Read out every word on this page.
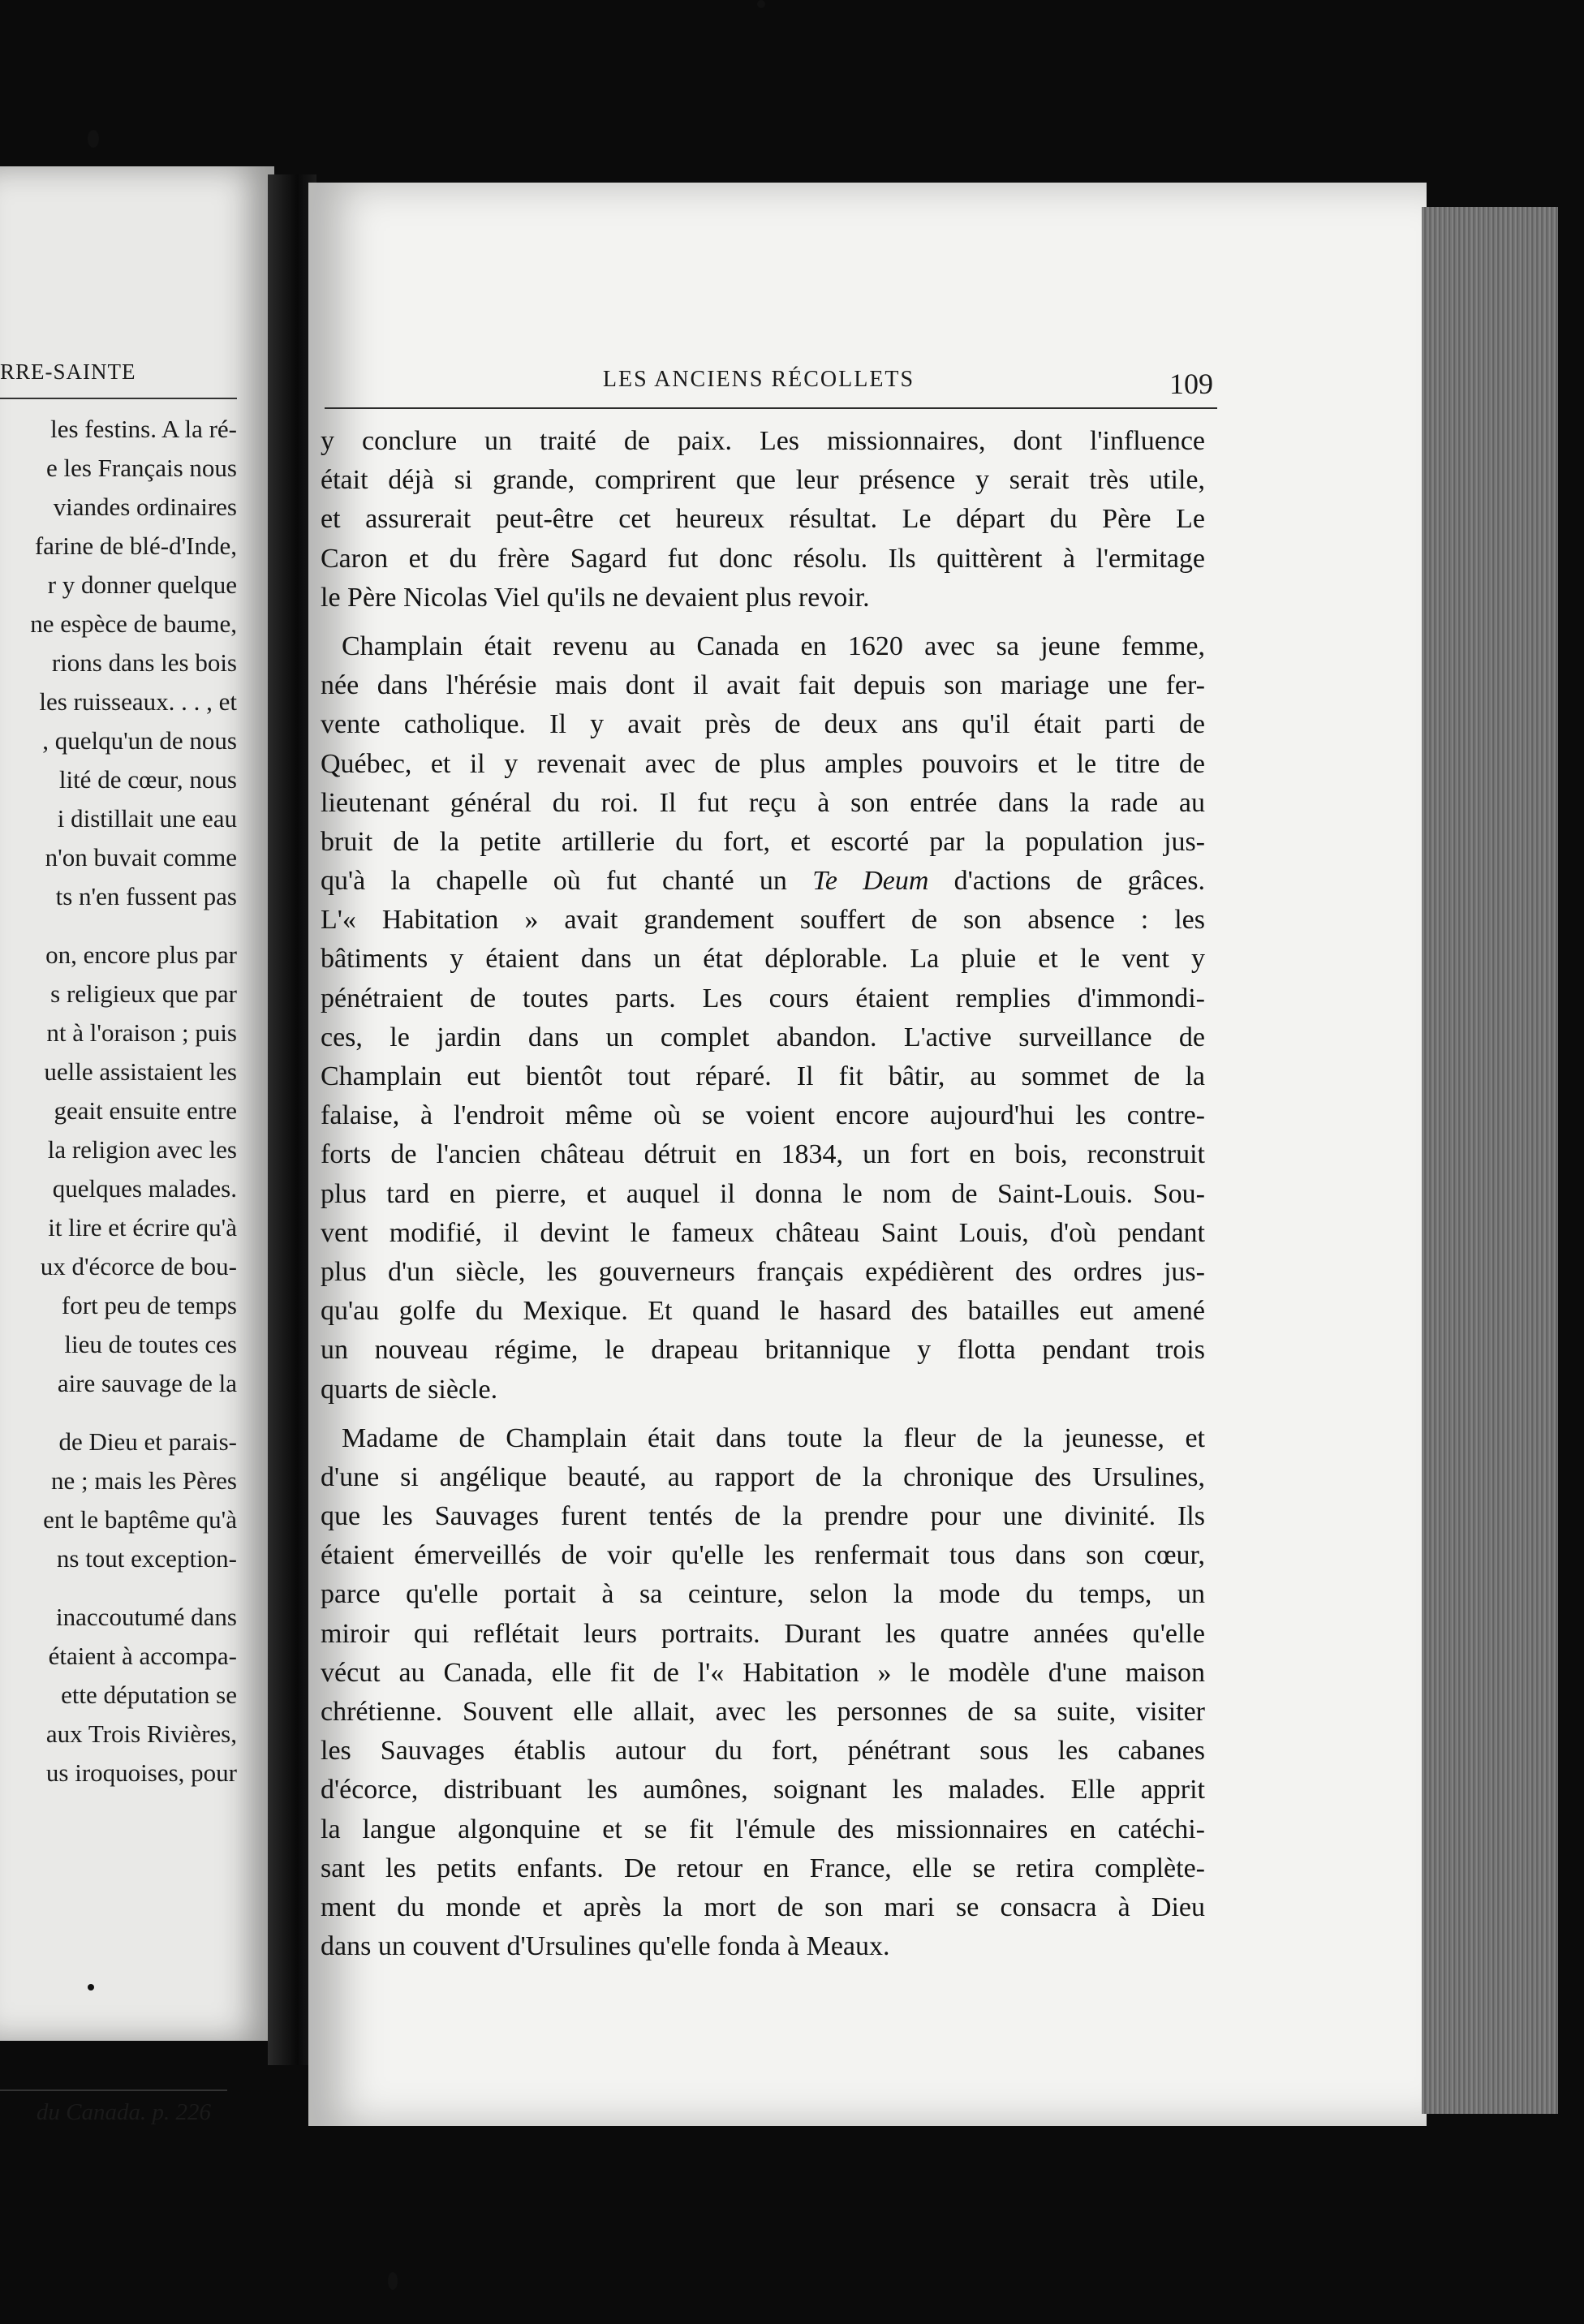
RRE-SAINTE
les festins. A la ré-
e les Français nous
viandes ordinaires
farine de blé-d'Inde,
r y donner quelque
ne espèce de baume,
rions dans les bois
les ruisseaux. . . , et
, quelqu'un de nous
lité de cœur, nous
i distillait une eau
n'on buvait comme
ts n'en fussent pas
on, encore plus par
s religieux que par
nt à l'oraison ; puis
uelle assistaient les
geait ensuite entre
la religion avec les
quelques malades.
it lire et écrire qu'à
ux d'écorce de bou-
fort peu de temps
lieu de toutes ces
aire sauvage de la
de Dieu et parais-
ne ; mais les Pères
ent le baptême qu'à
ns tout exception-
inaccoutumé dans
étaient à accompa-
ette députation se
aux Trois Rivières,
us iroquoises, pour
du Canada. p. 226
LES ANCIENS RÉCOLLETS	109
y conclure un traité de paix. Les missionnaires, dont l'influence
était déjà si grande, comprirent que leur présence y serait très utile,
et assurerait peut-être cet heureux résultat. Le départ du Père Le
Caron et du frère Sagard fut donc résolu. Ils quittèrent à l'ermitage
le Père Nicolas Viel qu'ils ne devaient plus revoir.
Champlain était revenu au Canada en 1620 avec sa jeune femme,
née dans l'hérésie mais dont il avait fait depuis son mariage une fer-
vente catholique. Il y avait près de deux ans qu'il était parti de
Québec, et il y revenait avec de plus amples pouvoirs et le titre de
lieutenant général du roi. Il fut reçu à son entrée dans la rade au
bruit de la petite artillerie du fort, et escorté par la population jus-
qu'à la chapelle où fut chanté un Te Deum d'actions de grâces.
L'« Habitation » avait grandement souffert de son absence : les
bâtiments y étaient dans un état déplorable. La pluie et le vent y
pénétraient de toutes parts. Les cours étaient remplies d'immondi-
ces, le jardin dans un complet abandon. L'active surveillance de
Champlain eut bientôt tout réparé. Il fit bâtir, au sommet de la
falaise, à l'endroit même où se voient encore aujourd'hui les contre-
forts de l'ancien château détruit en 1834, un fort en bois, reconstruit
plus tard en pierre, et auquel il donna le nom de Saint-Louis. Sou-
vent modifié, il devint le fameux château Saint Louis, d'où pendant
plus d'un siècle, les gouverneurs français expédièrent des ordres jus-
qu'au golfe du Mexique. Et quand le hasard des batailles eut amené
un nouveau régime, le drapeau britannique y flotta pendant trois
quarts de siècle.
Madame de Champlain était dans toute la fleur de la jeunesse, et
d'une si angélique beauté, au rapport de la chronique des Ursulines,
que les Sauvages furent tentés de la prendre pour une divinité. Ils
étaient émerveillés de voir qu'elle les renfermait tous dans son cœur,
parce qu'elle portait à sa ceinture, selon la mode du temps, un
miroir qui reflétait leurs portraits. Durant les quatre années qu'elle
vécut au Canada, elle fit de l'« Habitation » le modèle d'une maison
chrétienne. Souvent elle allait, avec les personnes de sa suite, visiter
les Sauvages établis autour du fort, pénétrant sous les cabanes
d'écorce, distribuant les aumônes, soignant les malades. Elle apprit
la langue algonquine et se fit l'émule des missionnaires en catéchi-
sant les petits enfants. De retour en France, elle se retira complète-
ment du monde et après la mort de son mari se consacra à Dieu
dans un couvent d'Ursulines qu'elle fonda à Meaux.
